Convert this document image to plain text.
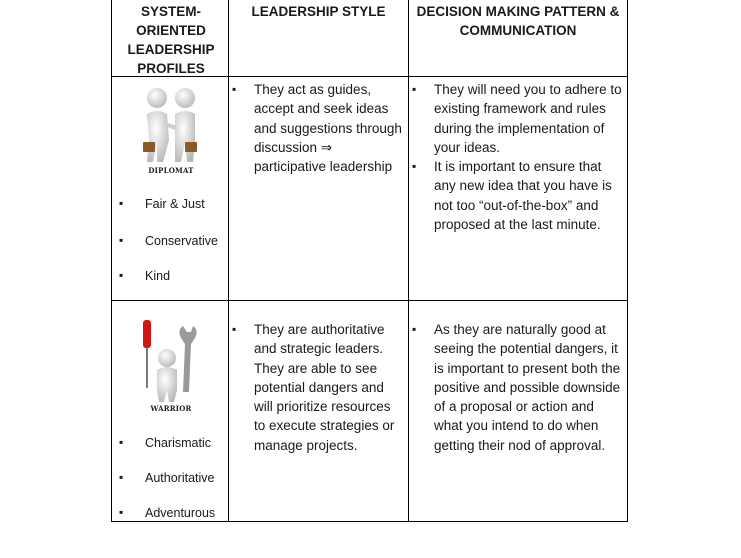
SYSTEM-ORIENTED LEADERSHIP PROFILES
LEADERSHIP STYLE	DECISION MAKING PATTERN & COMMUNICATION
DIPLOMAT
▪ Fair & Just
▪ Conservative
▪ Kind
▪ They act as guides, accept and seek ideas and suggestions through discussion ⇒ participative leadership
▪ They will need you to adhere to existing framework and rules during the implementation of your ideas.
▪ It is important to ensure that any new idea that you have is not too “out-of-the-box” and proposed at the last minute.
WARRIOR
▪ Charismatic
▪ Authoritative
▪ Adventurous
▪ They are authoritative and strategic leaders. They are able to see potential dangers and will prioritize resources to execute strategies or manage projects.
▪ As they are naturally good at seeing the potential dangers, it is important to present both the positive and possible downside of a proposal or action and what you intend to do when getting their nod of approval.
